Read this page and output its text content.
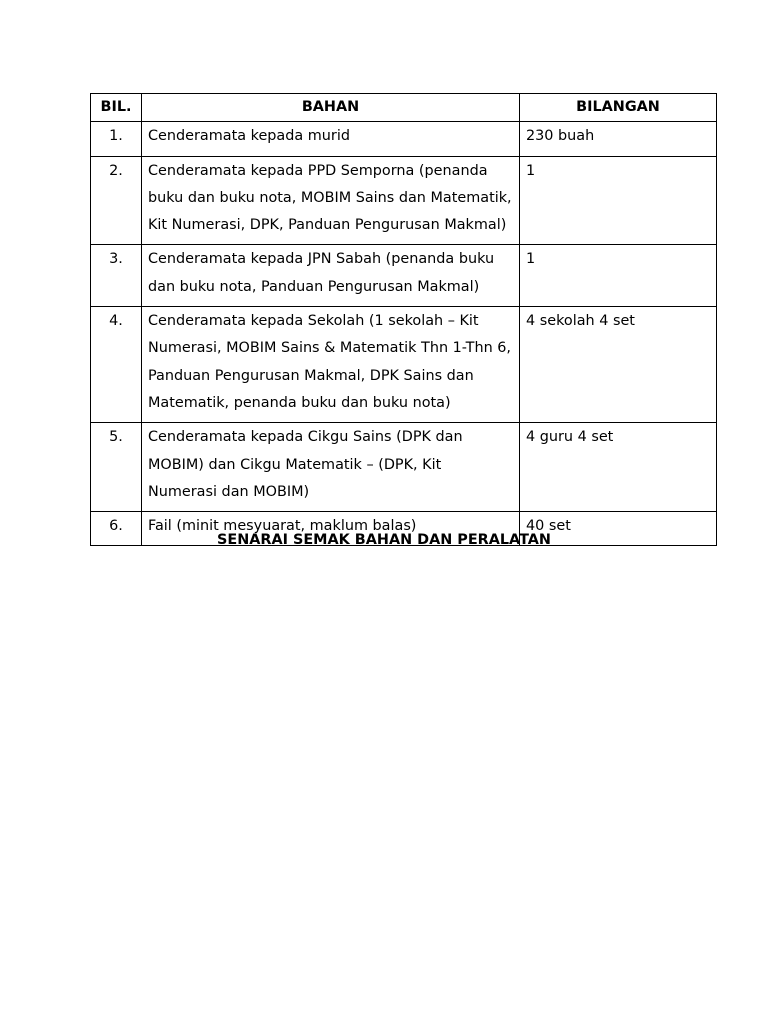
BIL.	BAHAN	BILANGAN
1.	Cenderamata kepada murid	230 buah
2.	Cenderamata kepada PPD Semporna (penanda buku dan buku nota, MOBIM Sains dan Matematik, Kit Numerasi, DPK, Panduan Pengurusan Makmal)	1
3.	Cenderamata kepada JPN Sabah (penanda buku dan buku nota, Panduan Pengurusan Makmal)	1
4.	Cenderamata kepada Sekolah (1 sekolah – Kit Numerasi, MOBIM Sains & Matematik Thn 1-Thn 6, Panduan Pengurusan Makmal, DPK Sains dan Matematik, penanda buku dan buku nota)	4 sekolah 4 set
5.	Cenderamata kepada Cikgu Sains (DPK dan MOBIM) dan Cikgu Matematik – (DPK, Kit Numerasi dan MOBIM)	4 guru 4 set
6.	Fail (minit mesyuarat, maklum balas)	40 set
SENARAI SEMAK BAHAN DAN PERALATAN
